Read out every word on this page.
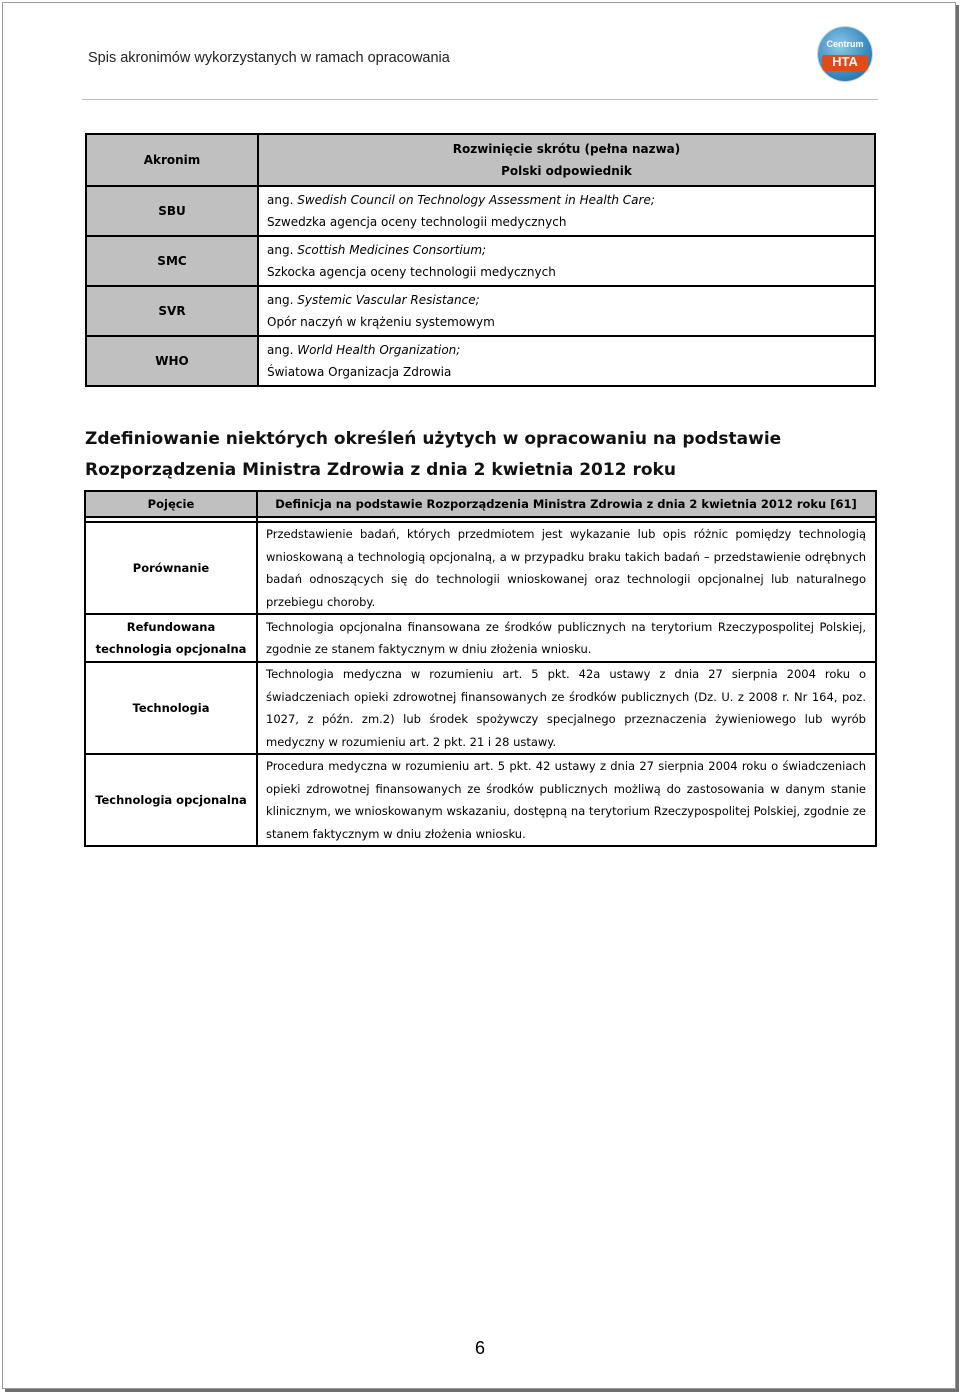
Spis akronimów wykorzystanych w ramach opracowania
Centrum
HTA
Akronim	Rozwinięcie skrótu (pełna nazwa)
Polski odpowiednik

SBU	ang. Swedish Council on Technology Assessment in Health Care;
Szwedzka agencja oceny technologii medycznych

SMC	ang. Scottish Medicines Consortium;
Szkocka agencja oceny technologii medycznych

SVR	ang. Systemic Vascular Resistance;
Opór naczyń w krążeniu systemowym

WHO	ang. World Health Organization;
Światowa Organizacja Zdrowia
Zdefiniowanie niektórych określeń użytych w opracowaniu na podstawie Rozporządzenia Ministra Zdrowia z dnia 2 kwietnia 2012 roku
Pojęcie	Definicja na podstawie Rozporządzenia Ministra Zdrowia z dnia 2 kwietnia 2012 roku [61]

Porównanie	Przedstawienie badań, których przedmiotem jest wykazanie lub opis różnic pomiędzy technologią wnioskowaną a technologią opcjonalną, a w przypadku braku takich badań – przedstawienie odrębnych badań odnoszących się do technologii wnioskowanej oraz technologii opcjonalnej lub naturalnego przebiegu choroby.

Refundowana
technologia opcjonalna	Technologia opcjonalna finansowana ze środków publicznych na terytorium Rzeczypospolitej Polskiej, zgodnie ze stanem faktycznym w dniu złożenia wniosku.

Technologia	Technologia medyczna w rozumieniu art. 5 pkt. 42a ustawy z dnia 27 sierpnia 2004 roku o świadczeniach opieki zdrowotnej finansowanych ze środków publicznych (Dz. U. z 2008 r. Nr 164, poz. 1027, z późn. zm.2) lub środek spożywczy specjalnego przeznaczenia żywieniowego lub wyrób medyczny w rozumieniu art. 2 pkt. 21 i 28 ustawy.

Technologia opcjonalna	Procedura medyczna w rozumieniu art. 5 pkt. 42 ustawy z dnia 27 sierpnia 2004 roku o świadczeniach opieki zdrowotnej finansowanych ze środków publicznych możliwą do zastosowania w danym stanie klinicznym, we wnioskowanym wskazaniu, dostępną na terytorium Rzeczypospolitej Polskiej, zgodnie ze stanem faktycznym w dniu złożenia wniosku.
6
